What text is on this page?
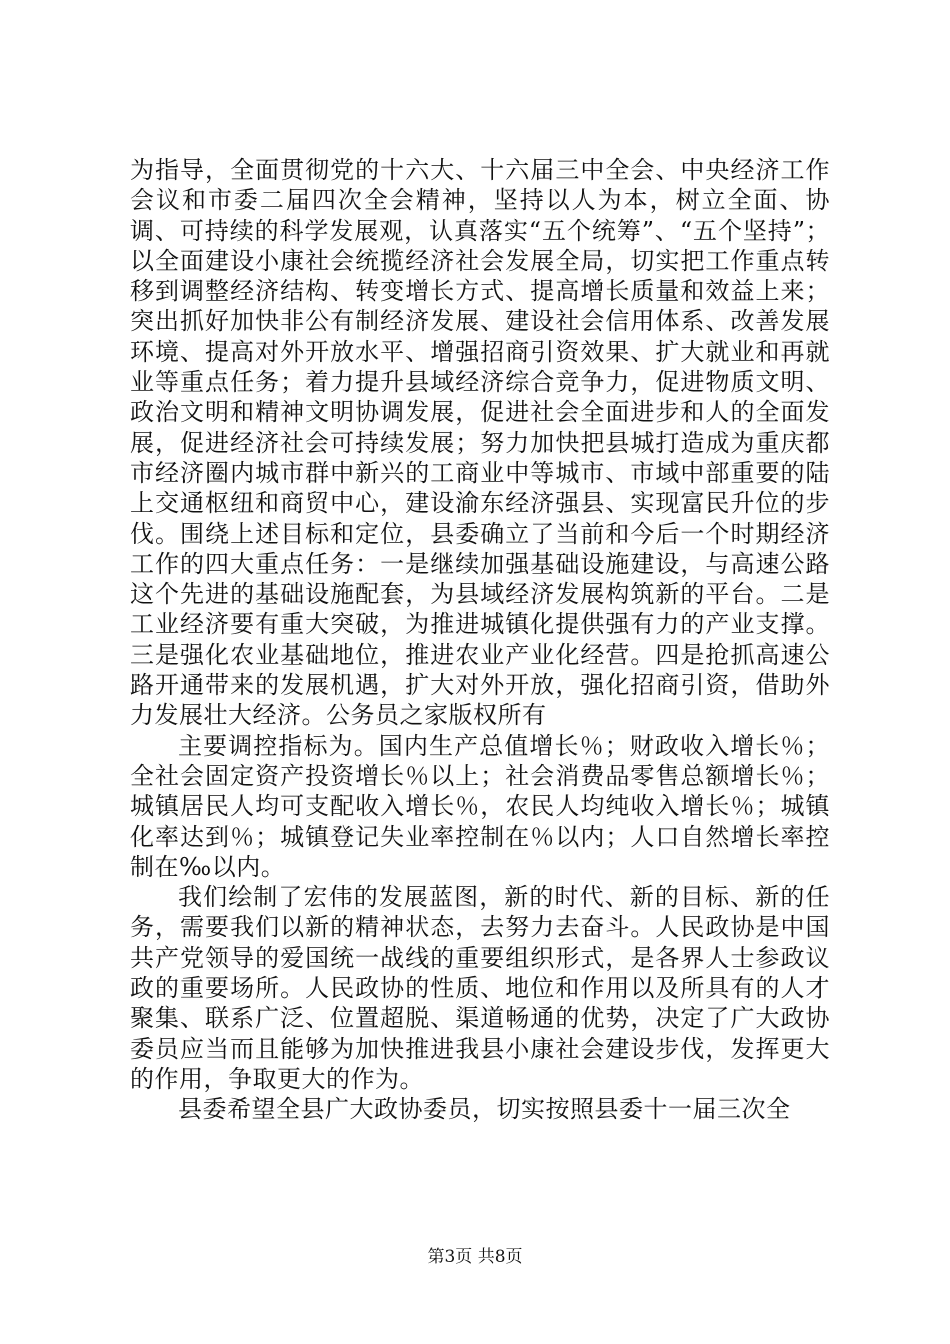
为指导，全面贯彻党的十六大、十六届三中全会、中央经济工作会议和市委二届四次全会精神，坚持以人为本，树立全面、协调、可持续的科学发展观，认真落实“五个统筹”、“五个坚持”；以全面建设小康社会统揽经济社会发展全局，切实把工作重点转移到调整经济结构、转变增长方式、提高增长质量和效益上来；突出抓好加快非公有制经济发展、建设社会信用体系、改善发展环境、提高对外开放水平、增强招商引资效果、扩大就业和再就业等重点任务；着力提升县域经济综合竞争力，促进物质文明、政治文明和精神文明协调发展，促进社会全面进步和人的全面发展，促进经济社会可持续发展；努力加快把县城打造成为重庆都市经济圈内城市群中新兴的工商业中等城市、市域中部重要的陆上交通枢纽和商贸中心，建设渝东经济强县、实现富民升位的步伐。围绕上述目标和定位，县委确立了当前和今后一个时期经济工作的四大重点任务：一是继续加强基础设施建设，与高速公路这个先进的基础设施配套，为县域经济发展构筑新的平台。二是工业经济要有重大突破，为推进城镇化提供强有力的产业支撑。三是强化农业基础地位，推进农业产业化经营。四是抢抓高速公路开通带来的发展机遇，扩大对外开放，强化招商引资，借助外力发展壮大经济。公务员之家版权所有

主要调控指标为。国内生产总值增长％；财政收入增长％；全社会固定资产投资增长％以上；社会消费品零售总额增长％；城镇居民人均可支配收入增长％，农民人均纯收入增长％；城镇化率达到％；城镇登记失业率控制在％以内；人口自然增长率控制在‰以内。

我们绘制了宏伟的发展蓝图，新的时代、新的目标、新的任务，需要我们以新的精神状态，去努力去奋斗。人民政协是中国共产党领导的爱国统一战线的重要组织形式，是各界人士参政议政的重要场所。人民政协的性质、地位和作用以及所具有的人才聚集、联系广泛、位置超脱、渠道畅通的优势，决定了广大政协委员应当而且能够为加快推进我县小康社会建设步伐，发挥更大的作用，争取更大的作为。

县委希望全县广大政协委员，切实按照县委十一届三次全

第3页 共8页
